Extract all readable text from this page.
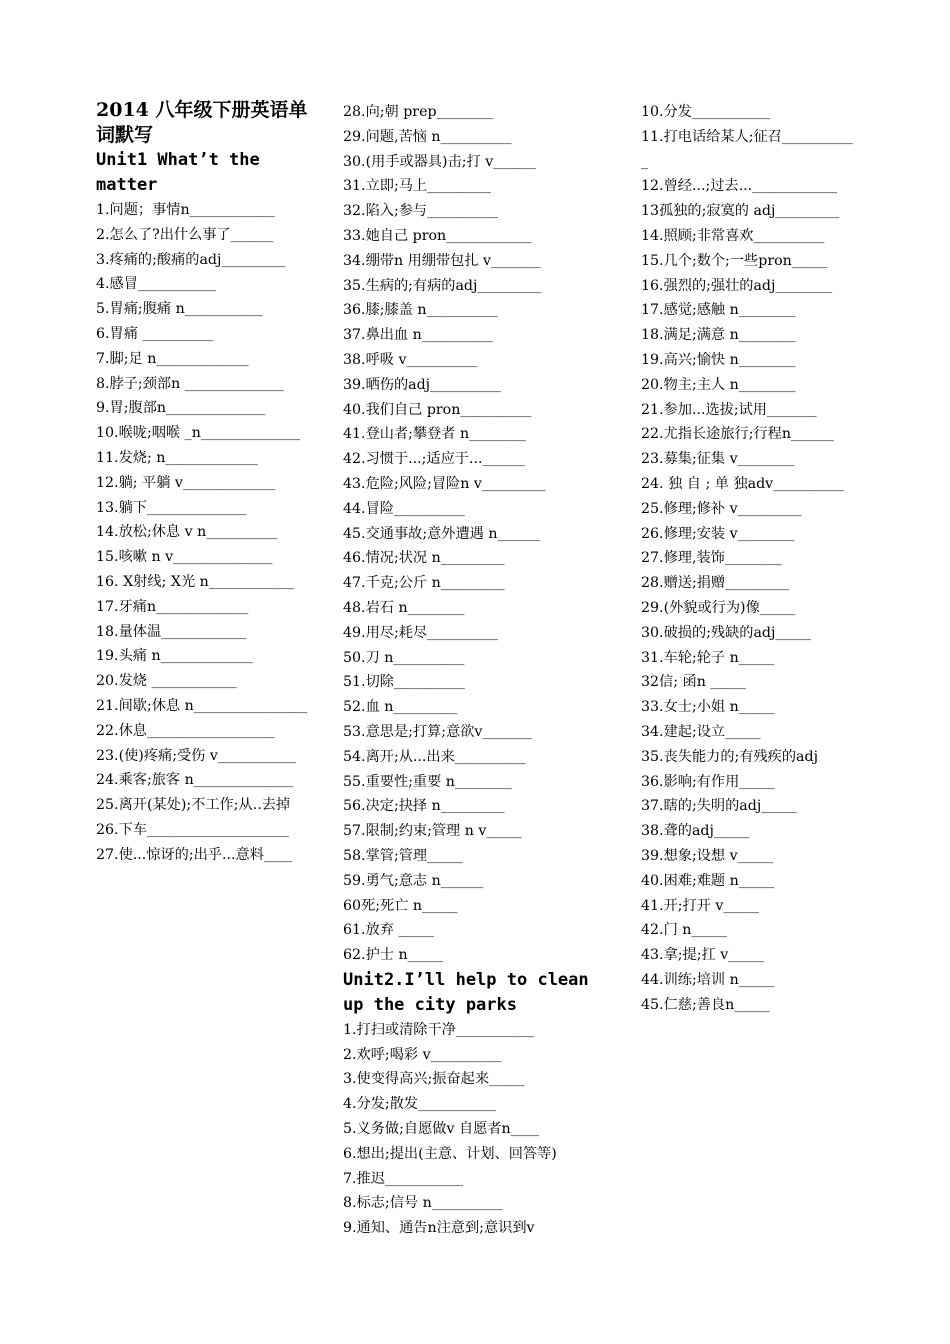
2014 八年级下册英语单词默写
Unit1 What’t the matter
1.问题；事情n____________
2.怎么了?出什么事了______
3.疼痛的;酸痛的adj_________
4.感冒___________
5.胃痛;腹痛 n___________
6.胃痛 __________
7.脚;足 n_____________
8.脖子;颈部n ______________
9.胃;腹部n______________
10.喉咙;咽喉 _n______________
11.发烧; n_____________
12.躺; 平躺 v_____________
13.躺下______________
14.放松;休息 v n__________
15.咳嗽 n v______________
16. X射线; X光 n____________
17.牙痛n_____________
18.量体温____________
19.头痛 n_____________
20.发烧 ____________
21.间歇;休息 n________________
22.休息__________________
23.(使)疼痛;受伤 v___________
24.乘客;旅客 n______________
25.离开(某处);不工作;从..去掉
26.下车____________________
27.使...惊讶的;出乎...意料____
28.向;朝 prep________
29.问题,苦恼 n__________
30.(用手或器具)击;打 v______
31.立即;马上_________
32.陷入;参与__________
33.她自己 pron____________
34.绷带n 用绷带包扎 v_______
35.生病的;有病的adj_________
36.膝;膝盖 n__________
37.鼻出血 n__________
38.呼吸 v__________
39.晒伤的adj__________
40.我们自己 pron__________
41.登山者;攀登者 n________
42.习惯于...;适应于...______
43.危险;风险;冒险n v_________
44.冒险__________
45.交通事故;意外遭遇 n______
46.情况;状况 n_________
47.千克;公斤 n_________
48.岩石 n________
49.用尽;耗尽__________
50.刀 n__________
51.切除__________
52.血 n_________
53.意思是;打算;意欲v_______
54.离开;从...出来__________
55.重要性;重要 n________
56.决定;抉择 n_________
57.限制;约束;管理 n v_____
58.掌管;管理_____
59.勇气;意志 n______
60死;死亡 n_____
61.放弃 _____
62.护士 n_____
Unit2.I’ll help to clean up the city parks
1.打扫或清除干净___________
2.欢呼;喝彩 v__________
3.使变得高兴;振奋起来_____
4.分发;散发___________
5.义务做;自愿做v 自愿者n____
6.想出;提出(主意、计划、回答等)
7.推迟___________
8.标志;信号 n__________
9.通知、通告n注意到;意识到v
10.分发___________
11.打电话给某人;征召___________
12.曾经...;过去...____________
13孤独的;寂寞的 adj_________
14.照顾;非常喜欢__________
15.几个;数个;一些pron_____
16.强烈的;强壮的adj________
17.感觉;感触 n________
18.满足;满意 n________
19.高兴;愉快 n________
20.物主;主人 n________
21.参加...选拔;试用_______
22.尤指长途旅行;行程n______
23.募集;征集 v________
24. 独 自 ; 单 独adv__________
25.修理;修补 v_________
26.修理;安装 v________
27.修理,装饰________
28.赠送;捐赠_________
29.(外貌或行为)像_____
30.破损的;残缺的adj_____
31.车轮;轮子 n_____
32信; 函n _____
33.女士;小姐 n_____
34.建起;设立_____
35.丧失能力的;有残疾的adj
36.影响;有作用_____
37.瞎的;失明的adj_____
38.聋的adj_____
39.想象;设想 v_____
40.困难;难题 n_____
41.开;打开 v_____
42.门 n_____
43.拿;提;扛 v_____
44.训练;培训 n_____
45.仁慈;善良n_____
